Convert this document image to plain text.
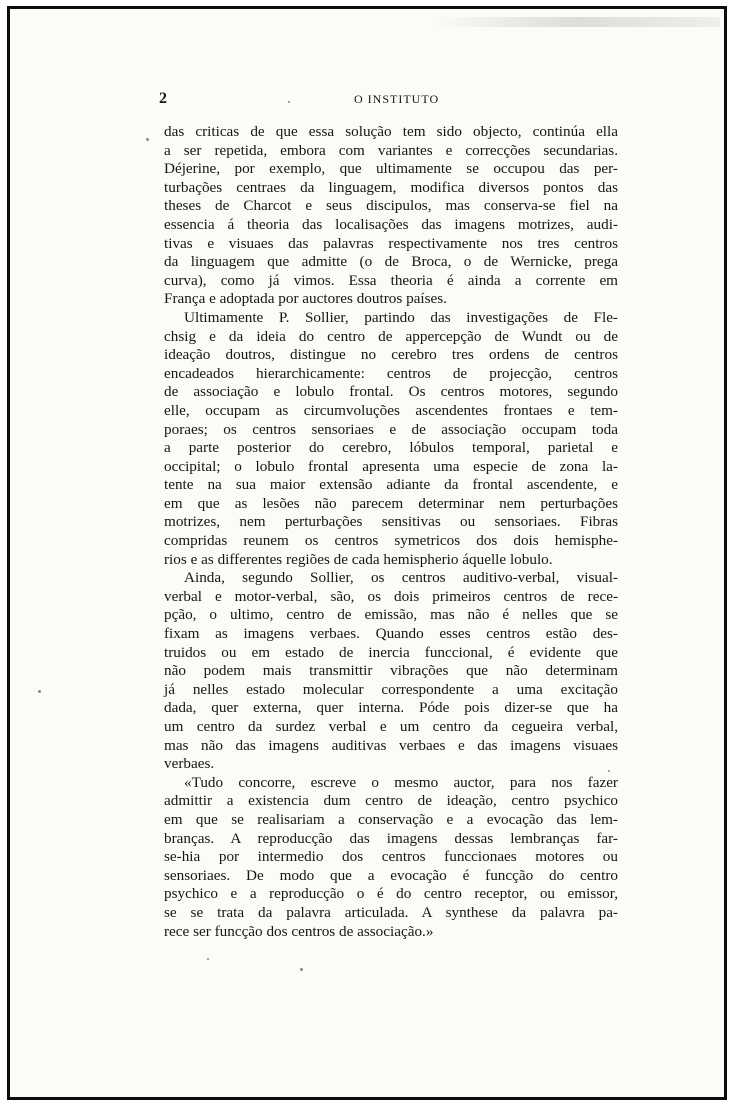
2	O INSTITUTO
das criticas de que essa solução tem sido objecto, continúa ella
a ser repetida, embora com variantes e correcções secundarias.
Déjerine, por exemplo, que ultimamente se occupou das per-
turbações centraes da linguagem, modifica diversos pontos das
theses de Charcot e seus discipulos, mas conserva-se fiel na
essencia á theoria das localisações das imagens motrizes, audi-
tivas e visuaes das palavras respectivamente nos tres centros
da linguagem que admitte (o de Broca, o de Wernicke, prega
curva), como já vimos. Essa theoria é ainda a corrente em
França e adoptada por auctores doutros países.
Ultimamente P. Sollier, partindo das investigações de Fle-
chsig e da ideia do centro de appercepção de Wundt ou de
ideação doutros, distingue no cerebro tres ordens de centros
encadeados hierarchicamente: centros de projecção, centros
de associação e lobulo frontal. Os centros motores, segundo
elle, occupam as circumvoluções ascendentes frontaes e tem-
poraes; os centros sensoriaes e de associação occupam toda
a parte posterior do cerebro, lóbulos temporal, parietal e
occipital; o lobulo frontal apresenta uma especie de zona la-
tente na sua maior extensão adiante da frontal ascendente, e
em que as lesões não parecem determinar nem perturbações
motrizes, nem perturbações sensitivas ou sensoriaes. Fibras
compridas reunem os centros symetricos dos dois hemisphe-
rios e as differentes regiões de cada hemispherio áquelle lobulo.
Ainda, segundo Sollier, os centros auditivo-verbal, visual-
verbal e motor-verbal, são, os dois primeiros centros de rece-
pção, o ultimo, centro de emissão, mas não é nelles que se
fixam as imagens verbaes. Quando esses centros estão des-
truidos ou em estado de inercia funccional, é evidente que
não podem mais transmittir vibrações que não determinam
já nelles estado molecular correspondente a uma excitação
dada, quer externa, quer interna. Póde pois dizer-se que ha
um centro da surdez verbal e um centro da cegueira verbal,
mas não das imagens auditivas verbaes e das imagens visuaes
verbaes.
«Tudo concorre, escreve o mesmo auctor, para nos fazer
admittir a existencia dum centro de ideação, centro psychico
em que se realisariam a conservação e a evocação das lem-
branças. A reproducção das imagens dessas lembranças far-
se-hia por intermedio dos centros funccionaes motores ou
sensoriaes. De modo que a evocação é funcção do centro
psychico e a reproducção o é do centro receptor, ou emissor,
se se trata da palavra articulada. A synthese da palavra pa-
rece ser funcção dos centros de associação.»
